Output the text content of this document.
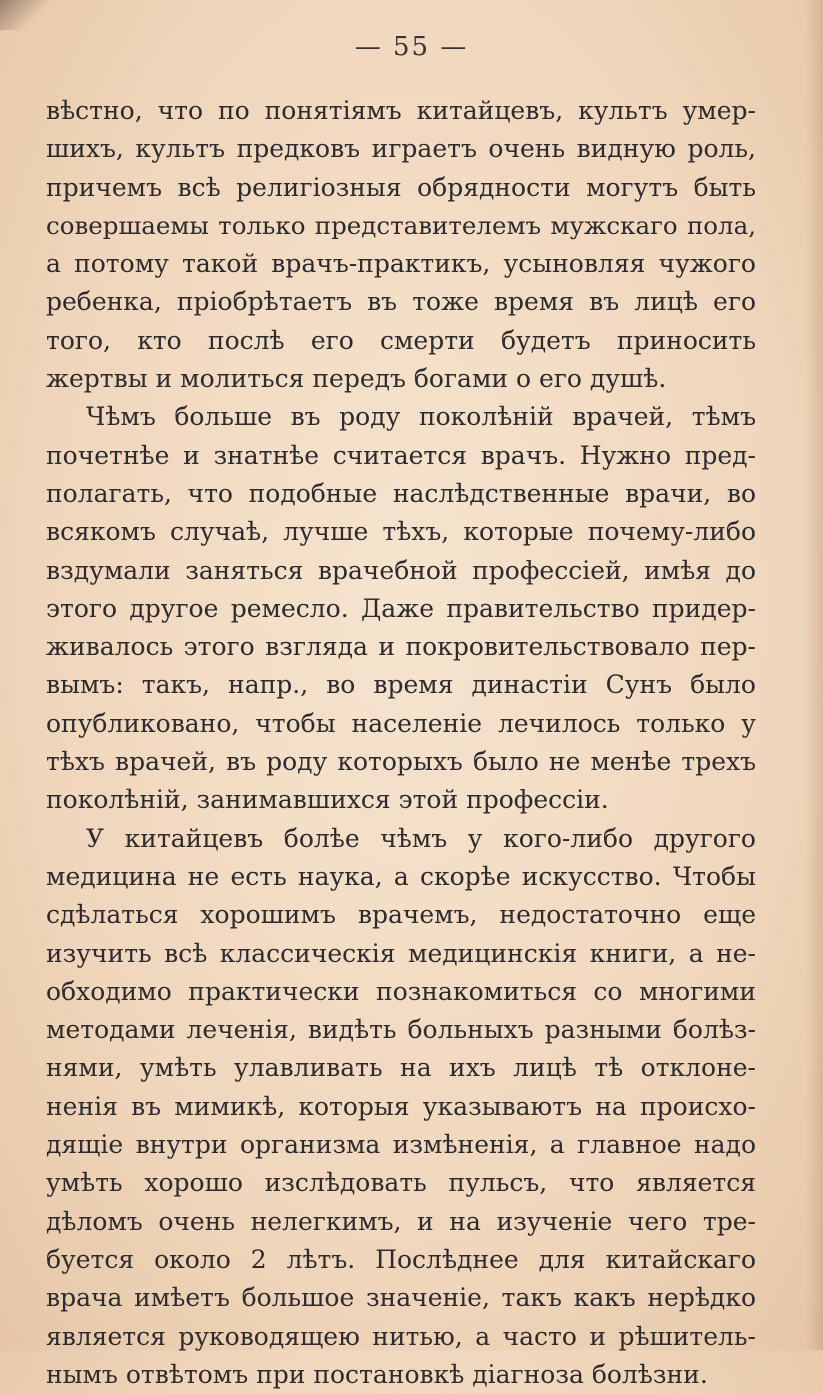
— 55 —
вѣстно, что по понятіямъ китайцевъ, культъ умер-
шихъ, культъ предковъ играетъ очень видную роль,
причемъ всѣ религіозныя обрядности могутъ быть
совершаемы только представителемъ мужскаго пола,
а потому такой врачъ-практикъ, усыновляя чужого
ребенка, пріобрѣтаетъ въ тоже время въ лицѣ его
того, кто послѣ его смерти будетъ приносить
жертвы и молиться передъ богами о его душѣ.
Чѣмъ больше въ роду поколѣній врачей, тѣмъ
почетнѣе и знатнѣе считается врачъ. Нужно пред-
полагать, что подобные наслѣдственные врачи, во
всякомъ случаѣ, лучше тѣхъ, которые почему-либо
вздумали заняться врачебной профессіей, имѣя до
этого другое ремесло. Даже правительство придер-
живалось этого взгляда и покровительствовало пер-
вымъ: такъ, напр., во время династіи Сунъ было
опубликовано, чтобы населеніе лечилось только у
тѣхъ врачей, въ роду которыхъ было не менѣе трехъ
поколѣній, занимавшихся этой профессіи.
У китайцевъ болѣе чѣмъ у кого-либо другого
медицина не есть наука, а скорѣе искусство. Чтобы
сдѣлаться хорошимъ врачемъ, недостаточно еще
изучить всѣ классическія медицинскія книги, а не-
обходимо практически познакомиться со многими
методами леченія, видѣть больныхъ разными болѣз-
нями, умѣть улавливать на ихъ лицѣ тѣ отклоне-
ненія въ мимикѣ, которыя указываютъ на происхо-
дящіе внутри организма измѣненія, а главное надо
умѣть хорошо изслѣдовать пульсъ, что является
дѣломъ очень нелегкимъ, и на изученіе чего тре-
буется около 2 лѣтъ. Послѣднее для китайскаго
врача имѣетъ большое значеніе, такъ какъ нерѣдко
является руководящею нитью, а часто и рѣшитель-
нымъ отвѣтомъ при постановкѣ діагноза болѣзни.
